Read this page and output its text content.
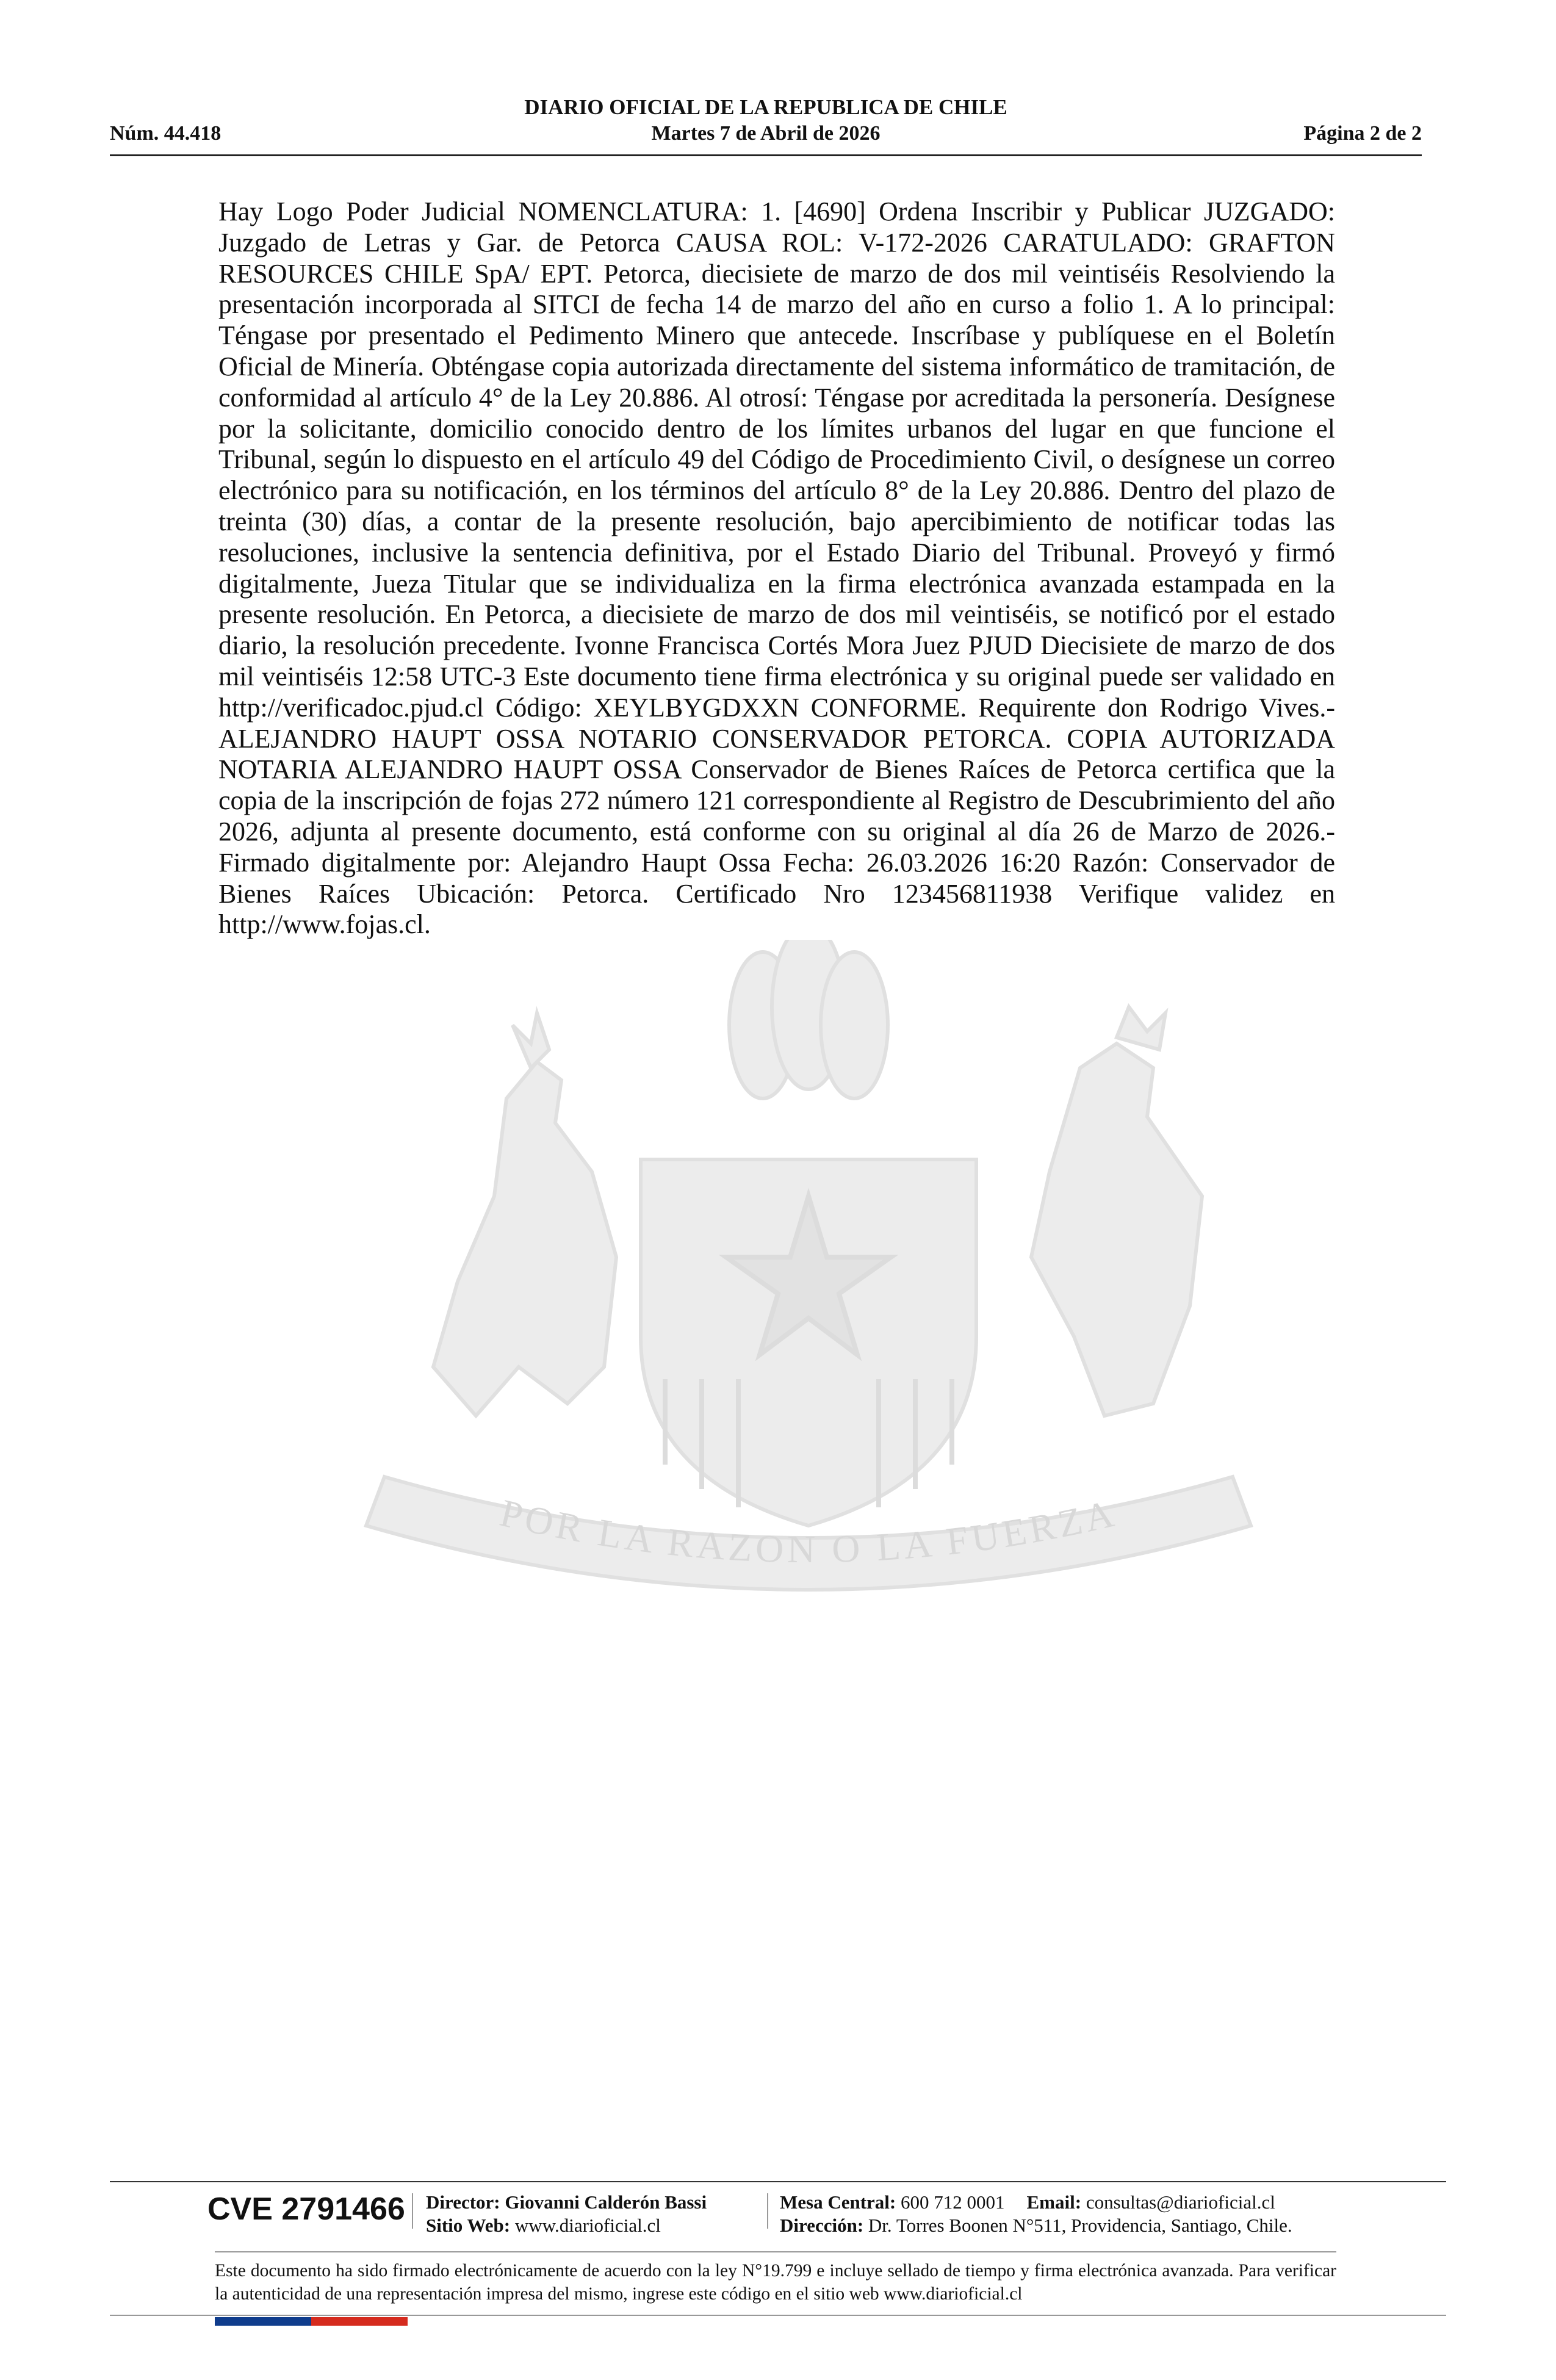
DIARIO OFICIAL DE LA REPUBLICA DE CHILE
Núm. 44.418	Martes 7 de Abril de 2026	Página 2 de 2
POR LA RAZON O LA FUERZA

Hay Logo Poder Judicial NOMENCLATURA: 1. [4690] Ordena Inscribir y Publicar JUZGADO: Juzgado de Letras y Gar. de Petorca CAUSA ROL: V-172-2026 CARATULADO: GRAFTON RESOURCES CHILE SpA/ EPT. Petorca, diecisiete de marzo de dos mil veintiséis Resolviendo la presentación incorporada al SITCI de fecha 14 de marzo del año en curso a folio 1. A lo principal: Téngase por presentado el Pedimento Minero que antecede. Inscríbase y publíquese en el Boletín Oficial de Minería. Obténgase copia autorizada directamente del sistema informático de tramitación, de conformidad al artículo 4° de la Ley 20.886. Al otrosí: Téngase por acreditada la personería. Desígnese por la solicitante, domicilio conocido dentro de los límites urbanos del lugar en que funcione el Tribunal, según lo dispuesto en el artículo 49 del Código de Procedimiento Civil, o desígnese un correo electrónico para su notificación, en los términos del artículo 8° de la Ley 20.886. Dentro del plazo de treinta (30) días, a contar de la presente resolución, bajo apercibimiento de notificar todas las resoluciones, inclusive la sentencia definitiva, por el Estado Diario del Tribunal. Proveyó y firmó digitalmente, Jueza Titular que se individualiza en la firma electrónica avanzada estampada en la presente resolución. En Petorca, a diecisiete de marzo de dos mil veintiséis, se notificó por el estado diario, la resolución precedente. Ivonne Francisca Cortés Mora Juez PJUD Diecisiete de marzo de dos mil veintiséis 12:58 UTC-3 Este documento tiene firma electrónica y su original puede ser validado en http://verificadoc.pjud.cl Código: XEYLBYGDXXN CONFORME. Requirente don Rodrigo Vives.- ALEJANDRO HAUPT OSSA NOTARIO CONSERVADOR PETORCA. COPIA AUTORIZADA NOTARIA ALEJANDRO HAUPT OSSA Conservador de Bienes Raíces de Petorca certifica que la copia de la inscripción de fojas 272 número 121 correspondiente al Registro de Descubrimiento del año 2026, adjunta al presente documento, está conforme con su original al día 26 de Marzo de 2026.- Firmado digitalmente por: Alejandro Haupt Ossa Fecha: 26.03.2026 16:20 Razón: Conservador de Bienes Raíces Ubicación: Petorca. Certificado Nro 123456811938 Verifique validez en http://www.fojas.cl.

CVE 2791466 Director: Giovanni Calderón Bassi
Sitio Web: www.diarioficial.cl
Mesa Central: 600 712 0001 Email: consultas@diarioficial.cl
Dirección: Dr. Torres Boonen N°511, Providencia, Santiago, Chile.

Este documento ha sido firmado electrónicamente de acuerdo con la ley N°19.799 e incluye sellado de tiempo y firma electrónica avanzada. Para verificar la autenticidad de una representación impresa del mismo, ingrese este código en el sitio web www.diarioficial.cl
